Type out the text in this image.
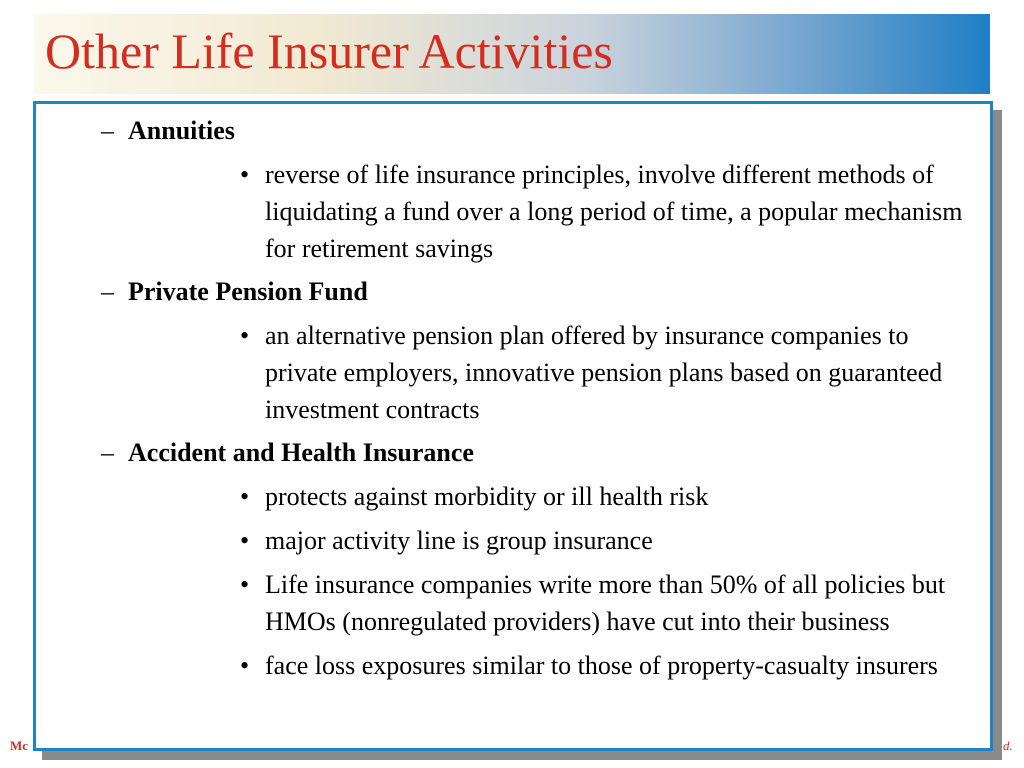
Other Life Insurer Activities
– Annuities
• reverse of life insurance principles, involve different methods of liquidating a fund over a long period of time, a popular mechanism for retirement savings
– Private Pension Fund
• an alternative pension plan offered by insurance companies to private employers, innovative pension plans based on guaranteed investment contracts
– Accident and Health Insurance
• protects against morbidity or ill health risk
• major activity line is group insurance
• Life insurance companies write more than 50% of all policies but HMOs (nonregulated providers) have cut into their business
• face loss exposures similar to those of property-casualty insurers
Mc	d.
